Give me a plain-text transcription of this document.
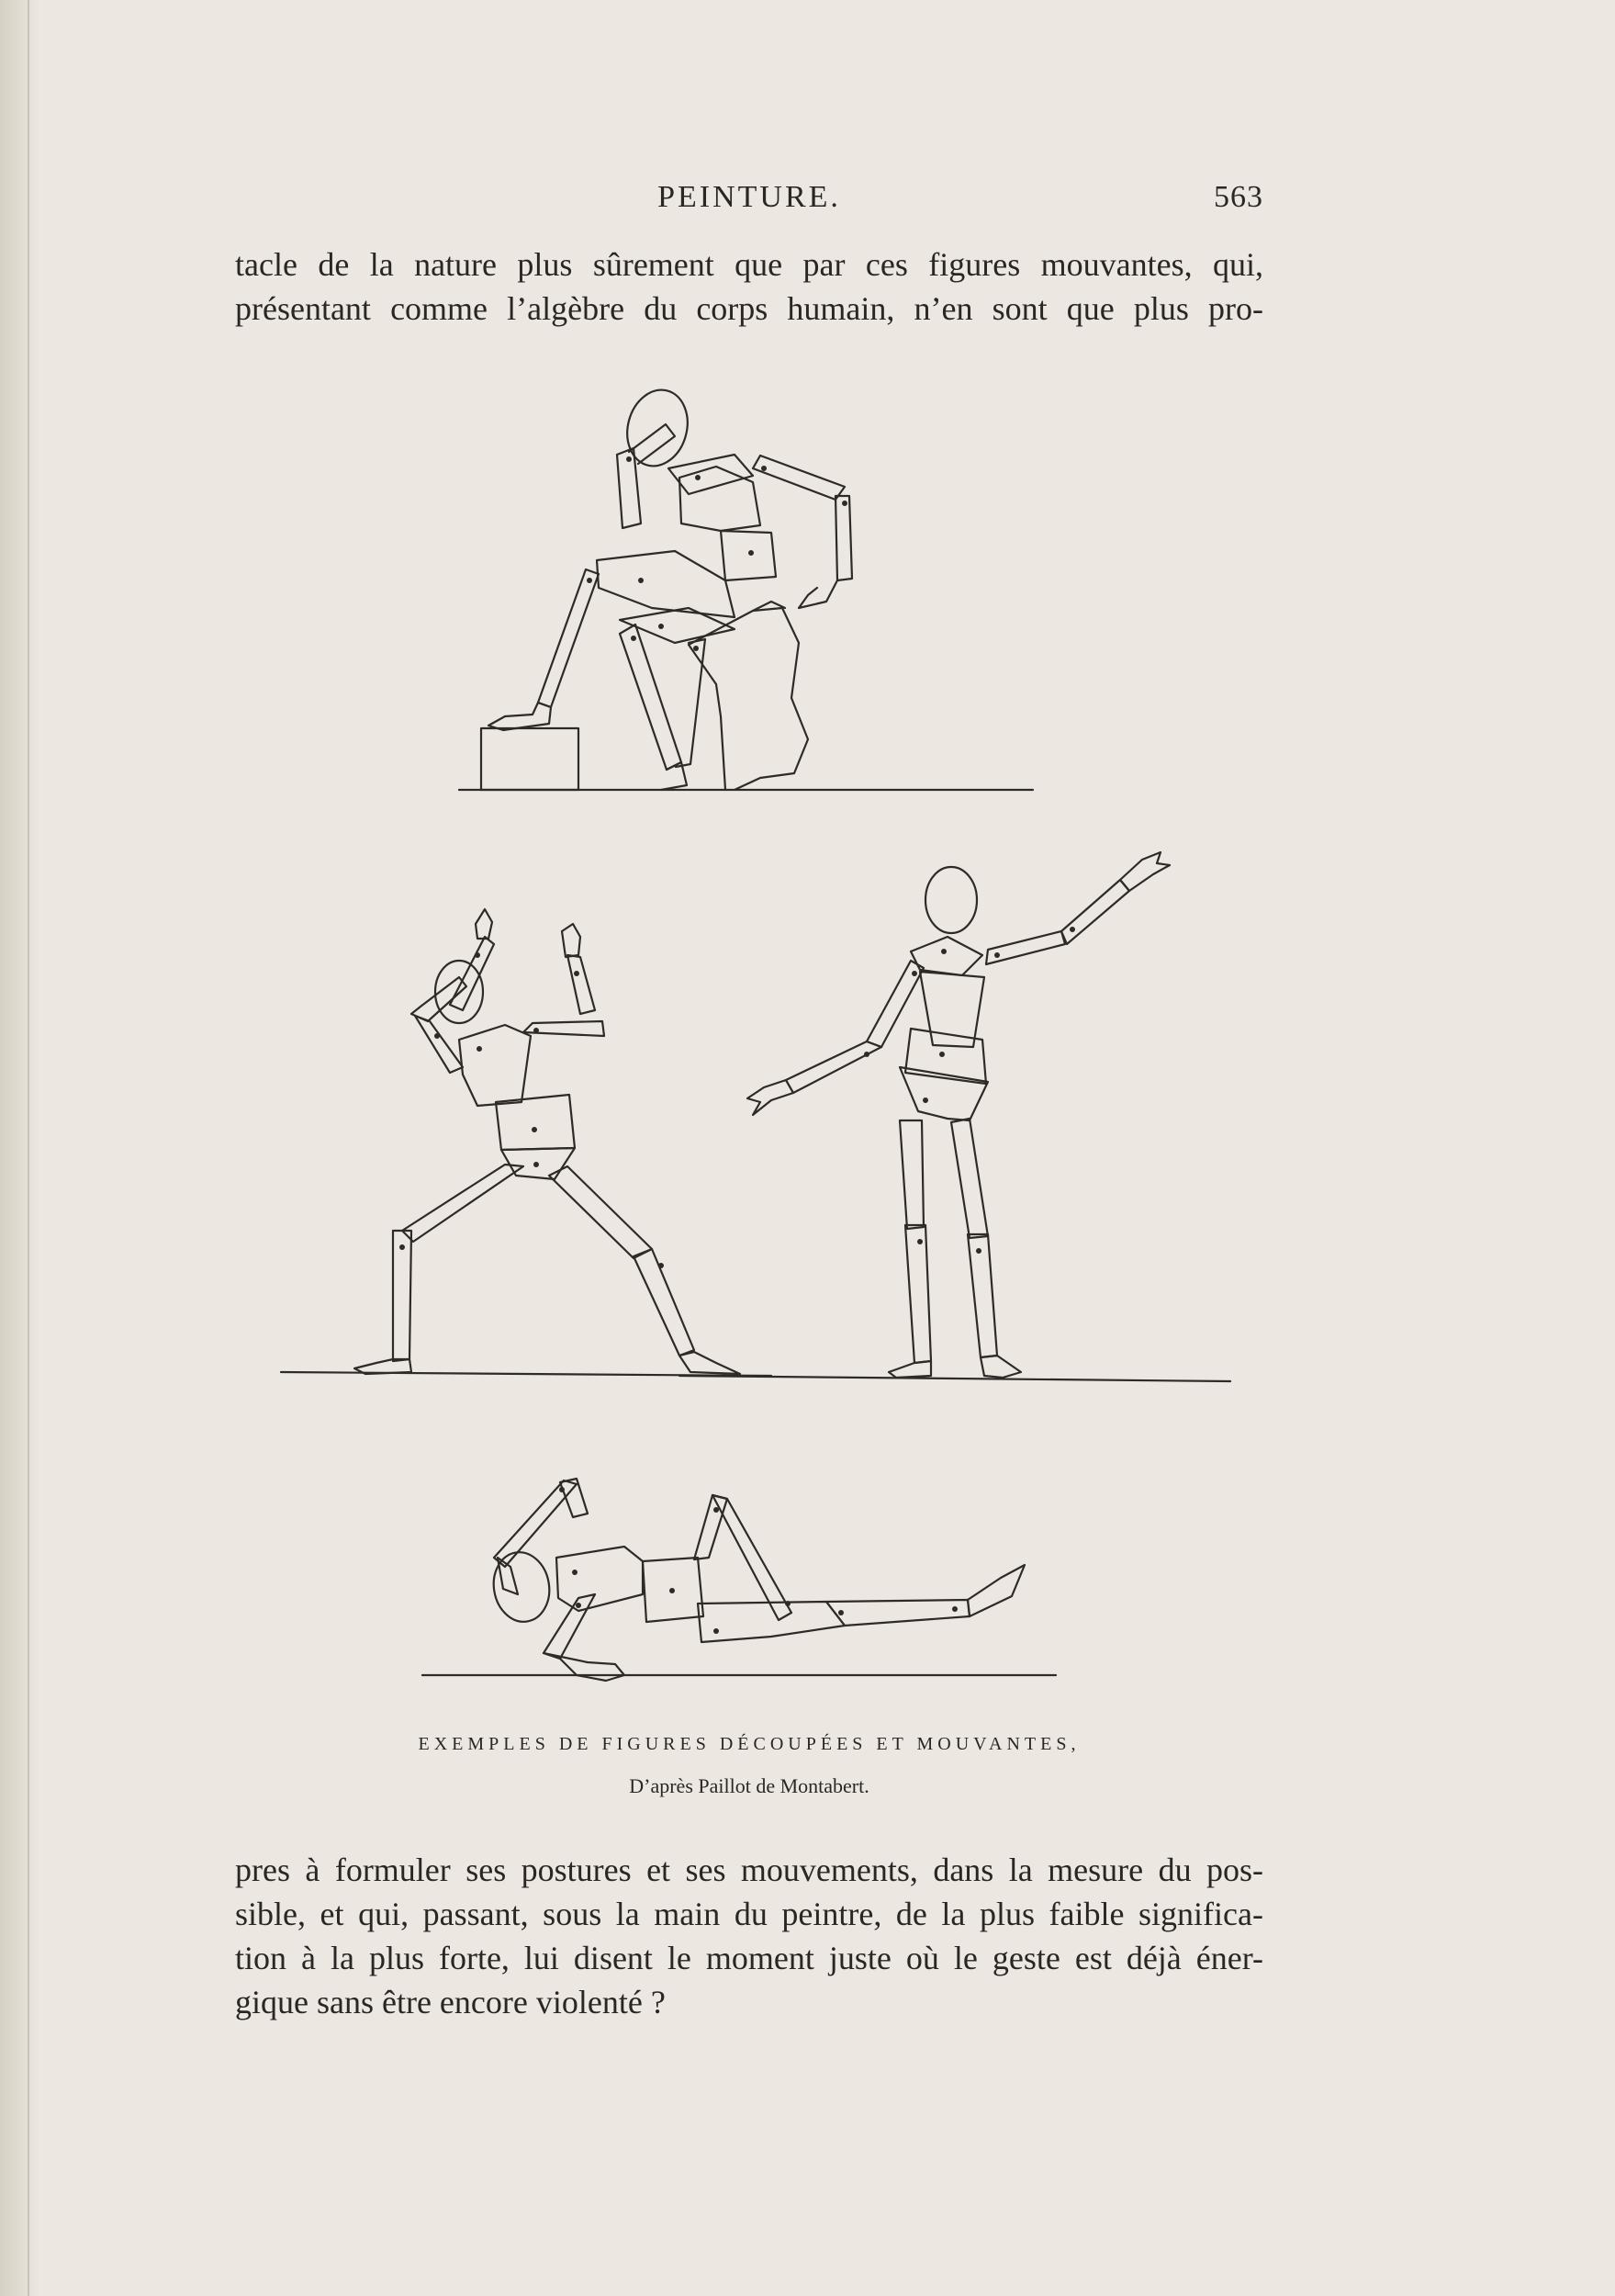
PEINTURE.	563
tacle de la nature plus sûrement que par ces figures mouvantes, qui,
présentant comme l’algèbre du corps humain, n’en sont que plus pro-
EXEMPLES DE FIGURES DÉCOUPÉES ET MOUVANTES,
D’après Paillot de Montabert.
pres à formuler ses postures et ses mouvements, dans la mesure du pos-
sible, et qui, passant, sous la main du peintre, de la plus faible significa-
tion à la plus forte, lui disent le moment juste où le geste est déjà éner-
gique sans être encore violenté ?
